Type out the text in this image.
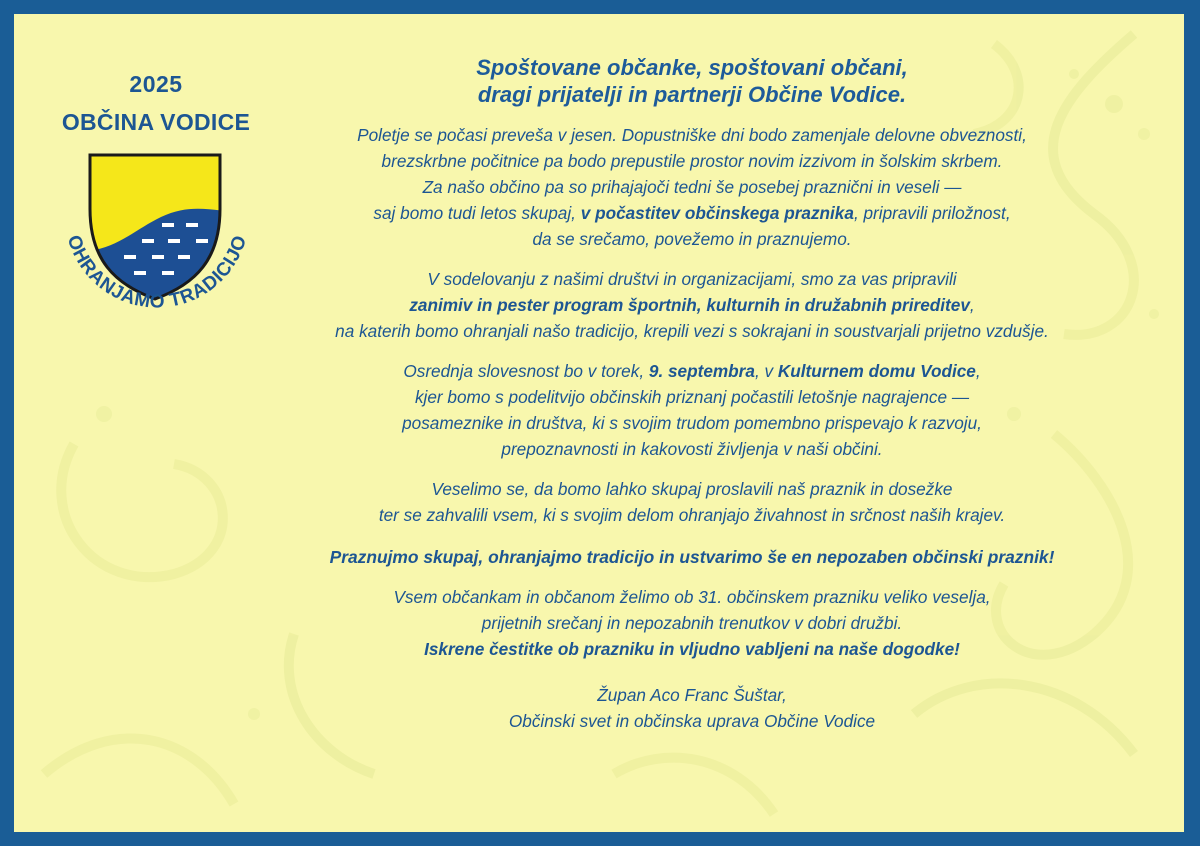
2025
OBČINA VODICE
OHRANJAMO TRADICIJO

Spoštovane občanke, spoštovani občani,
dragi prijatelji in partnerji Občine Vodice.

Poletje se počasi preveša v jesen. Dopustniške dni bodo zamenjale delovne obveznosti,
brezskrbne počitnice pa bodo prepustile prostor novim izzivom in šolskim skrbem.
Za našo občino pa so prihajajoči tedni še posebej praznični in veseli —
saj bomo tudi letos skupaj, v počastitev občinskega praznika, pripravili priložnost,
da se srečamo, povežemo in praznujemo.

V sodelovanju z našimi društvi in organizacijami, smo za vas pripravili
zanimiv in pester program športnih, kulturnih in družabnih prireditev,
na katerih bomo ohranjali našo tradicijo, krepili vezi s sokrajani in soustvarjali prijetno vzdušje.

Osrednja slovesnost bo v torek, 9. septembra, v Kulturnem domu Vodice,
kjer bomo s podelitvijo občinskih priznanj počastili letošnje nagrajence —
posameznike in društva, ki s svojim trudom pomembno prispevajo k razvoju,
prepoznavnosti in kakovosti življenja v naši občini.

Veselimo se, da bomo lahko skupaj proslavili naš praznik in dosežke
ter se zahvalili vsem, ki s svojim delom ohranjajo živahnost in srčnost naših krajev.

Praznujmo skupaj, ohranjajmo tradicijo in ustvarimo še en nepozaben občinski praznik!

Vsem občankam in občanom želimo ob 31. občinskem prazniku veliko veselja,
prijetnih srečanj in nepozabnih trenutkov v dobri družbi.
Iskrene čestitke ob prazniku in vljudno vabljeni na naše dogodke!

Župan Aco Franc Šuštar,
Občinski svet in občinska uprava Občine Vodice
